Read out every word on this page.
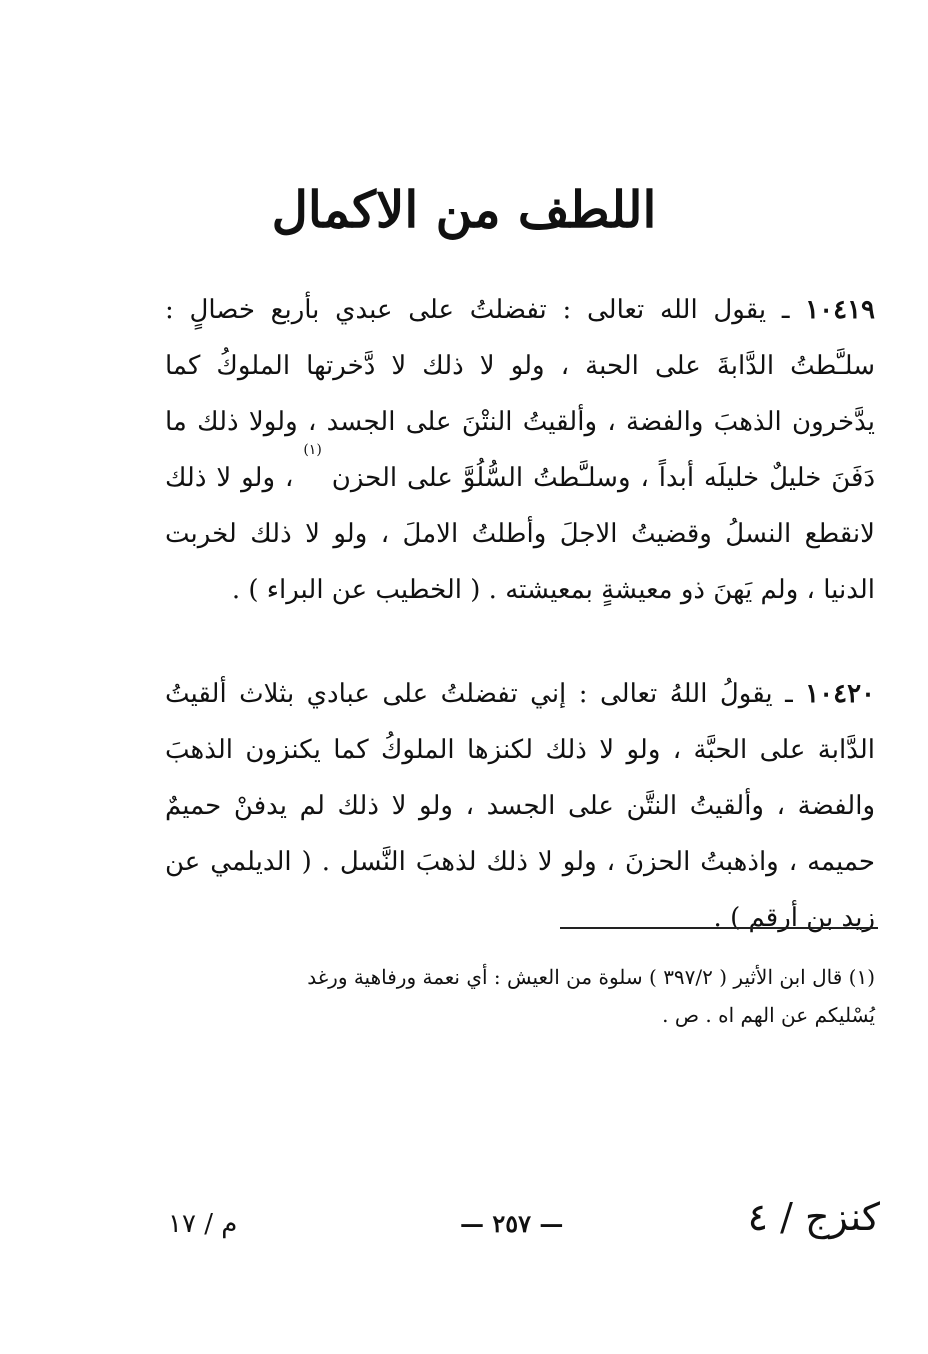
اللطف من الاكمال

١٠٤١٩ ـ يقول الله تعالى : تفضلتُ على عبدي بأربع خصالٍ : سلـَّطتُ الدَّابةَ على الحبة ، ولو لا ذلك لا دَّخرتها الملوكُ كما يدَّخرون الذهبَ والفضة ، وألقيتُ النتْنَ على الجسد ، ولولا ذلك ما دَفَنَ خليلٌ خليلَه أبداً ، وسلـَّطتُ السُّلُوَّ على الحزن $^{(١)}$ ، ولو لا ذلك لانقطع النسلُ وقضيتُ الاجلَ وأطلتُ الاملَ ، ولو لا ذلك لخربت الدنيا ، ولم يَهنَ ذو معيشةٍ بمعيشته . ( الخطيب عن البراء ) .

١٠٤٢٠ ـ يقولُ اللهُ تعالى : إني تفضلتُ على عبادي بثلاث ألقيتُ الدَّابة على الحبَّة ، ولو لا ذلك لكنزها الملوكُ كما يكنزون الذهبَ والفضة ، وألقيتُ النتَّن على الجسد ، ولو لا ذلك لم يدفنْ حميمٌ حميمه ، واذهبتُ الحزنَ ، ولو لا ذلك لذهبَ النَّسل . ( الديلمي عن زيد بن أرقم ) .

(١) قال ابن الأثير ( ٣٩٧/٢ ) سلوة من العيش : أي نعمة ورفاهية ورغد

يُسْليكم عن الهم اه . ص .

كنزج / ٤
— ٢٥٧ —
م / ١٧
